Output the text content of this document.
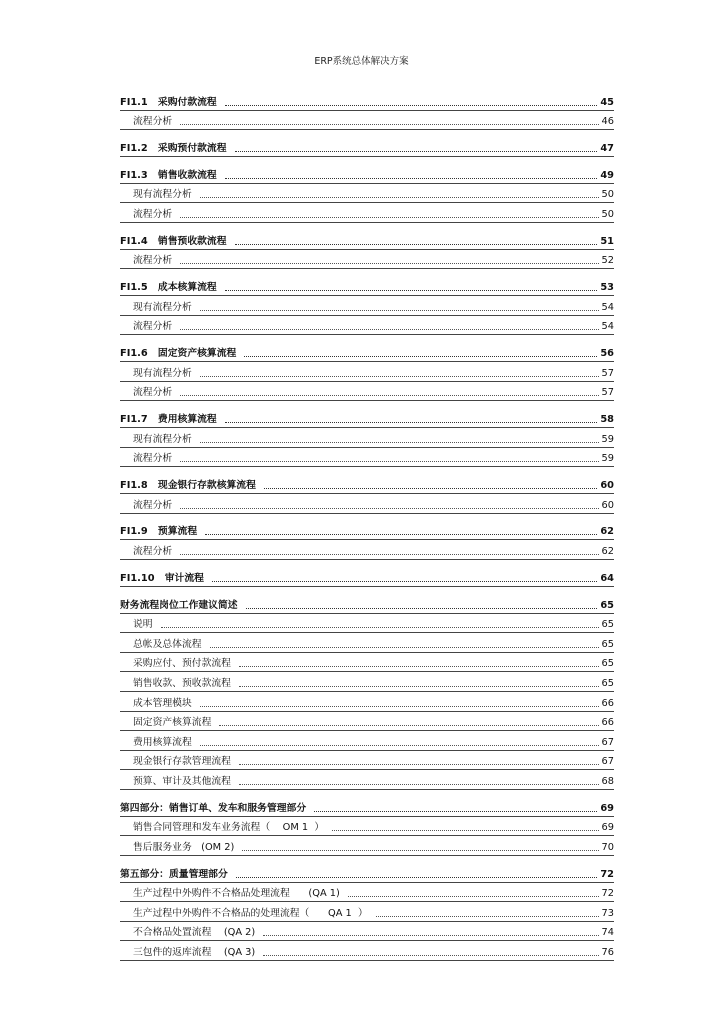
ERP系统总体解决方案
FI1.1   采购付款流程	45
流程分析	46
FI1.2   采购预付款流程	47
FI1.3   销售收款流程	49
现有流程分析	50
流程分析	50
FI1.4   销售预收款流程	51
流程分析	52
FI1.5   成本核算流程	53
现有流程分析	54
流程分析	54
FI1.6   固定资产核算流程	56
现有流程分析	57
流程分析	57
FI1.7   费用核算流程	58
现有流程分析	59
流程分析	59
FI1.8   现金银行存款核算流程	60
流程分析	60
FI1.9   预算流程	62
流程分析	62
FI1.10   审计流程	64
财务流程岗位工作建议简述	65
说明	65
总帐及总体流程	65
采购应付、预付款流程	65
销售收款、预收款流程	65
成本管理模块	66
固定资产核算流程	66
费用核算流程	67
现金银行存款管理流程	67
预算、审计及其他流程	68
第四部分：销售订单、发车和服务管理部分	69
销售合同管理和发车业务流程（    OM 1  ）	69
售后服务业务   (OM 2)	70
第五部分：质量管理部分	72
生产过程中外购件不合格品处理流程      (QA 1)	72
生产过程中外购件不合格品的处理流程（      QA 1  ）	73
不合格品处置流程    (QA 2)	74
三包件的返库流程    (QA 3)	76
